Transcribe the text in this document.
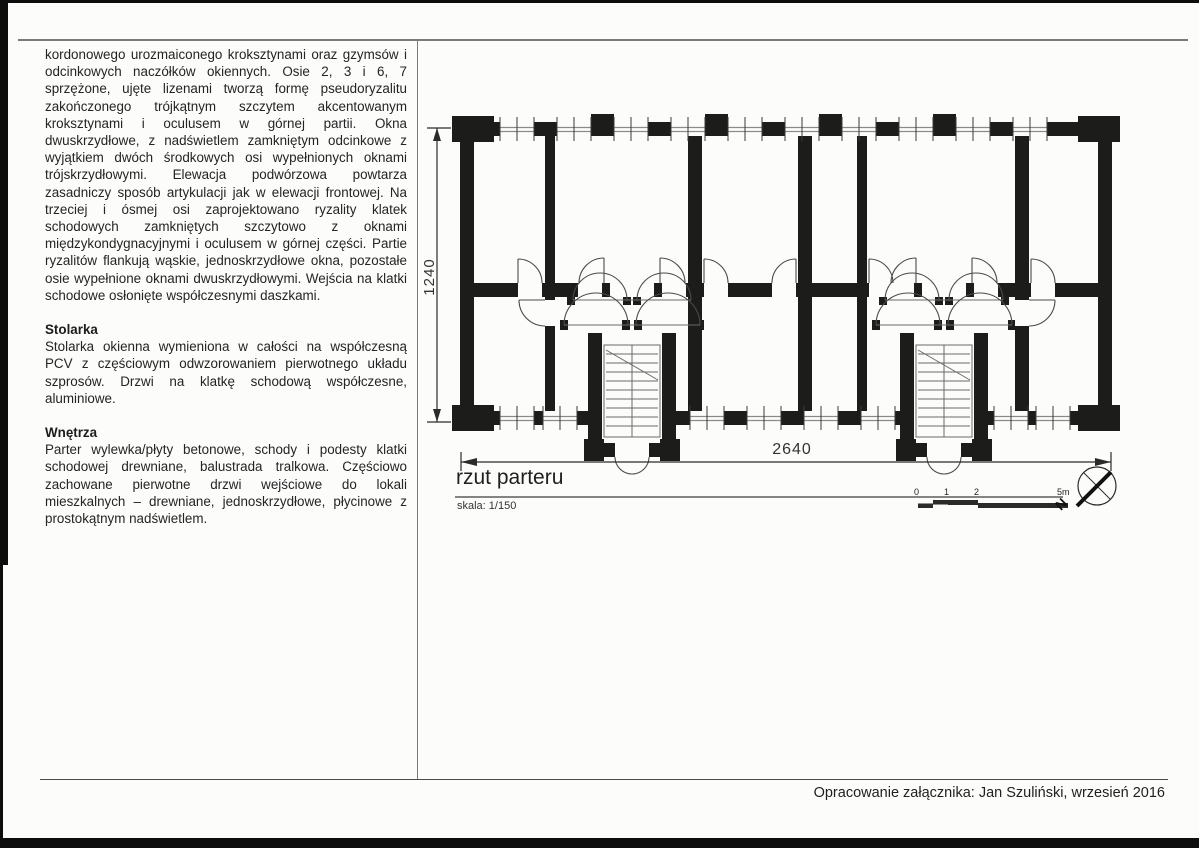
kordonowego urozmaiconego kroksztynami oraz gzymsów i odcinkowych naczółków okiennych. Osie 2, 3 i 6, 7 sprzężone, ujęte lizenami tworzą formę pseudoryzalitu zakończonego trójkątnym szczytem akcentowanym kroksztynami i oculusem w górnej partii. Okna dwuskrzydłowe, z nadświetlem zamkniętym odcinkowe z wyjątkiem dwóch środkowych osi wypełnionych oknami trójskrzydłowymi. Elewacja podwórzowa powtarza zasadniczy sposób artykulacji jak w elewacji frontowej. Na trzeciej i ósmej osi zaprojektowano ryzality klatek schodowych zamkniętych szczytowo z oknami międzykondygnacyjnymi i oculusem w górnej części. Partie ryzalitów flankują wąskie, jednoskrzydłowe okna, pozostałe osie wypełnione oknami dwuskrzydłowymi. Wejścia na klatki schodowe osłonięte współczesnymi daszkami.

Stolarka

Stolarka okienna wymieniona w całości na współczesną PCV z częściowym odwzorowaniem pierwotnego układu szprosów. Drzwi na klatkę schodową współczesne, aluminiowe.

Wnętrza

Parter wylewka/płyty betonowe, schody i podesty klatki schodowej drewniane, balustrada tralkowa. Częściowo zachowane pierwotne drzwi wejściowe do lokali mieszkalnych – drewniane, jednoskrzydłowe, płycinowe z prostokątnym nadświetlem.

1240
2640
rzut parteru
skala: 1/150
0	1	2	5m
N
Opracowanie załącznika: Jan Szuliński, wrzesień 2016
